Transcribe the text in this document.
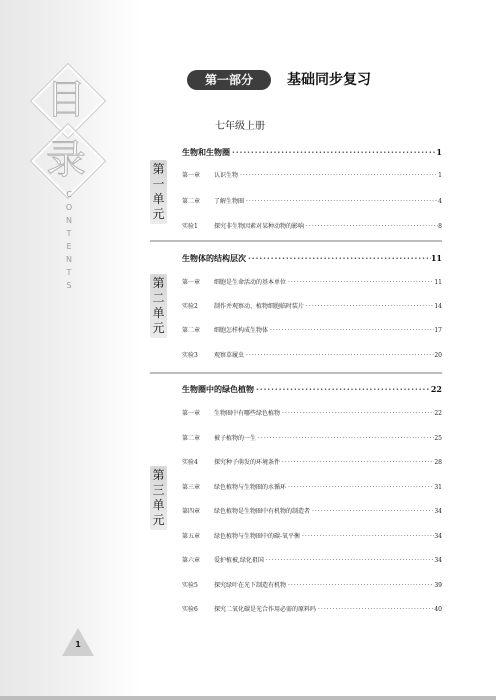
目
录
C
O
N
T
E
N
T
S
1
第一部分	基础同步复习
七年级上册
生物和生物圈 ·····	1
第
一
单
元
第一章	认识生物 ·····	1
第二章	了解生物圈 ·····	4
实验1	探究非生物因素对某种动物的影响 ·····	8
生物体的结构层次 ·····	11
第
二
单
元
第一章	细胞是生命活动的基本单位 ·····	11
实验2	制作并观察动、植物细胞临时装片 ·····	14
第二章	细胞怎样构成生物体 ·····	17
实验3	观察草履虫 ·····	20
生物圈中的绿色植物 ·····	22
第
三
单
元
第一章	生物圈中有哪些绿色植物 ·····	22
第二章	被子植物的一生 ·····	25
实验4	探究种子萌发的环境条件 ·····	28
第三章	绿色植物与生物圈的水循环 ·····	31
第四章	绿色植物是生物圈中有机物的制造者 ·····	34
第五章	绿色植物与生物圈中的碳-氧平衡 ·····	34
第六章	爱护植被,绿化祖国 ·····	34
实验5	探究绿叶在光下制造有机物 ·····	39
实验6	探究二氧化碳是光合作用必需的原料吗 ·····	40
